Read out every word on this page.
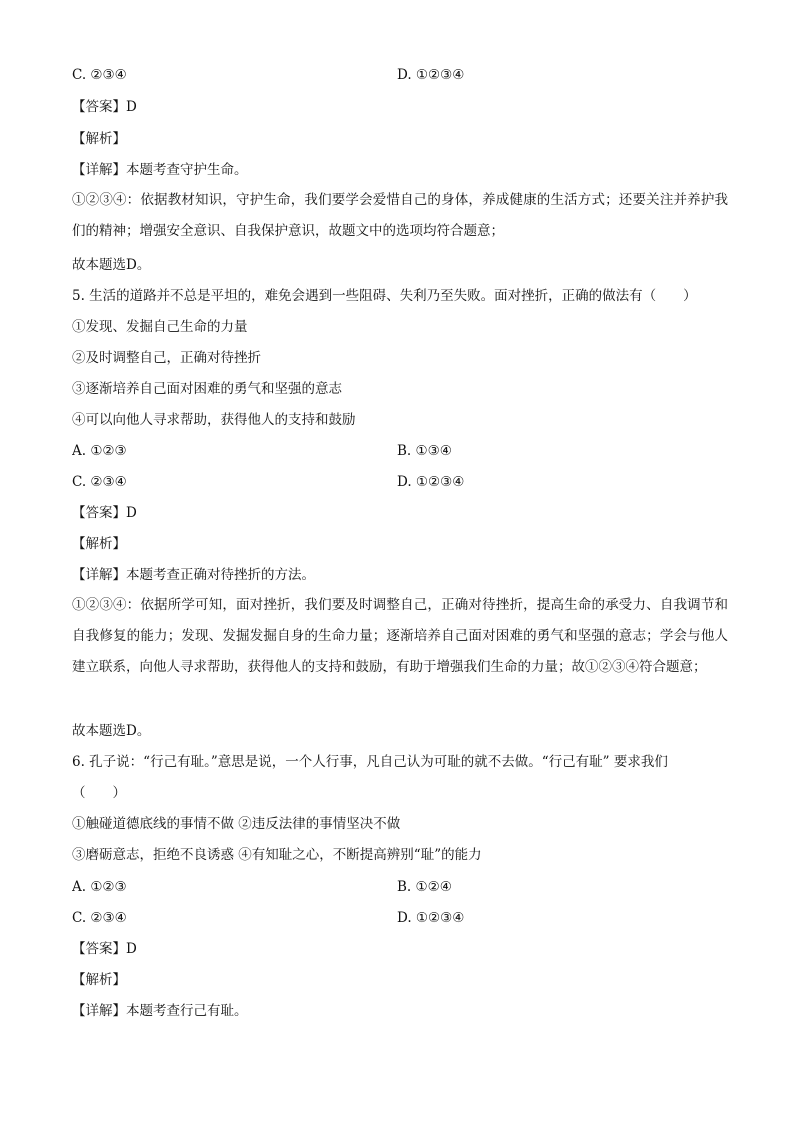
C. ②③④	D. ①②③④
【答案】D
【解析】
【详解】本题考查守护生命。
①②③④：依据教材知识，守护生命，我们要学会爱惜自己的身体，养成健康的生活方式；还要关注并养护我们的精神；增强安全意识、自我保护意识，故题文中的选项均符合题意；
故本题选D。
5. 生活的道路并不总是平坦的，难免会遇到一些阻碍、失利乃至失败。面对挫折，正确的做法有（　　）
①发现、发掘自己生命的力量
②及时调整自己，正确对待挫折
③逐渐培养自己面对困难的勇气和坚强的意志
④可以向他人寻求帮助，获得他人的支持和鼓励
A. ①②③	B. ①③④
C. ②③④	D. ①②③④
【答案】D
【解析】
【详解】本题考查正确对待挫折的方法。
①②③④：依据所学可知，面对挫折，我们要及时调整自己，正确对待挫折，提高生命的承受力、自我调节和自我修复的能力；发现、发掘发掘自身的生命力量；逐渐培养自己面对困难的勇气和坚强的意志；学会与他人建立联系，向他人寻求帮助，获得他人的支持和鼓励，有助于增强我们生命的力量；故①②③④符合题意；
故本题选D。
6. 孔子说：“行己有耻。”意思是说，一个人行事，凡自己认为可耻的就不去做。“行己有耻” 要求我们
（　　）
①触碰道德底线的事情不做 ②违反法律的事情坚决不做
③磨砺意志，拒绝不良诱惑 ④有知耻之心，不断提高辨别“耻”的能力
A. ①②③	B. ①②④
C. ②③④	D. ①②③④
【答案】D
【解析】
【详解】本题考查行己有耻。
